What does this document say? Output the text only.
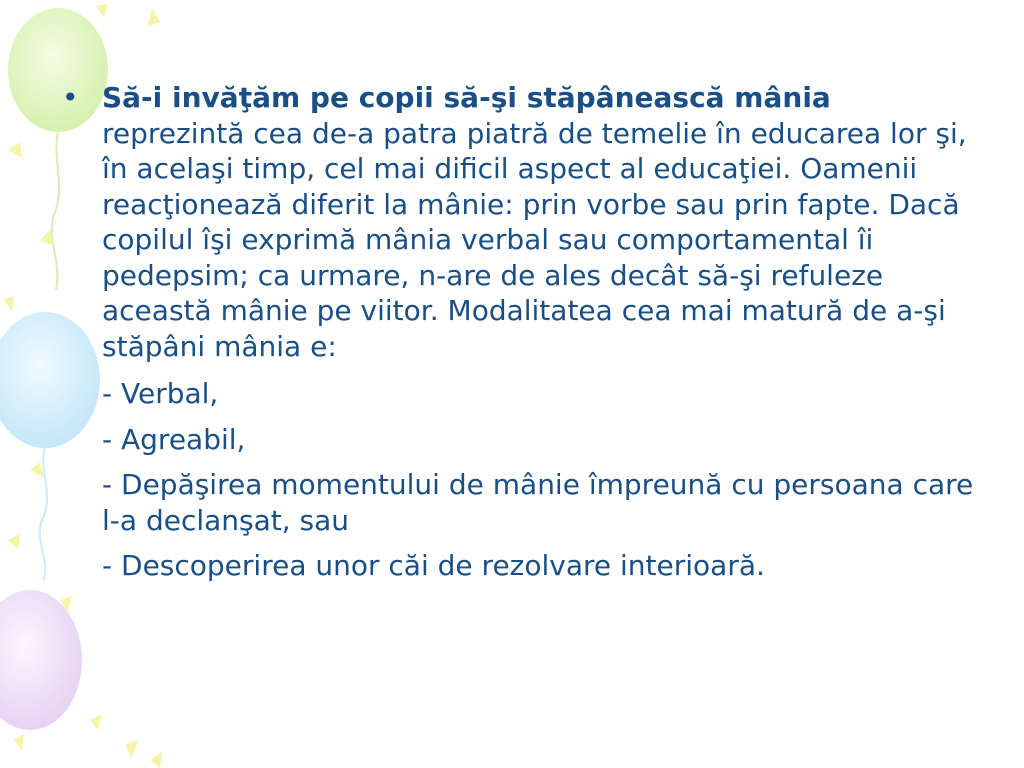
• Să-i invăţăm pe copii să-şi stăpânească mânia reprezintă cea de-a patra piatră de temelie în educarea lor şi, în acelaşi timp, cel mai dificil aspect al educaţiei. Oamenii reacţionează diferit la mânie: prin vorbe sau prin fapte. Dacă copilul îşi exprimă mânia verbal sau comportamental îi pedepsim; ca urmare, n-are de ales decât să-şi refuleze această mânie pe viitor. Modalitatea cea mai matură de a-şi stăpâni mânia e:
- Verbal,
- Agreabil,
- Depăşirea momentului de mânie împreună cu persoana care l-a declanşat, sau
- Descoperirea unor căi de rezolvare interioară.
